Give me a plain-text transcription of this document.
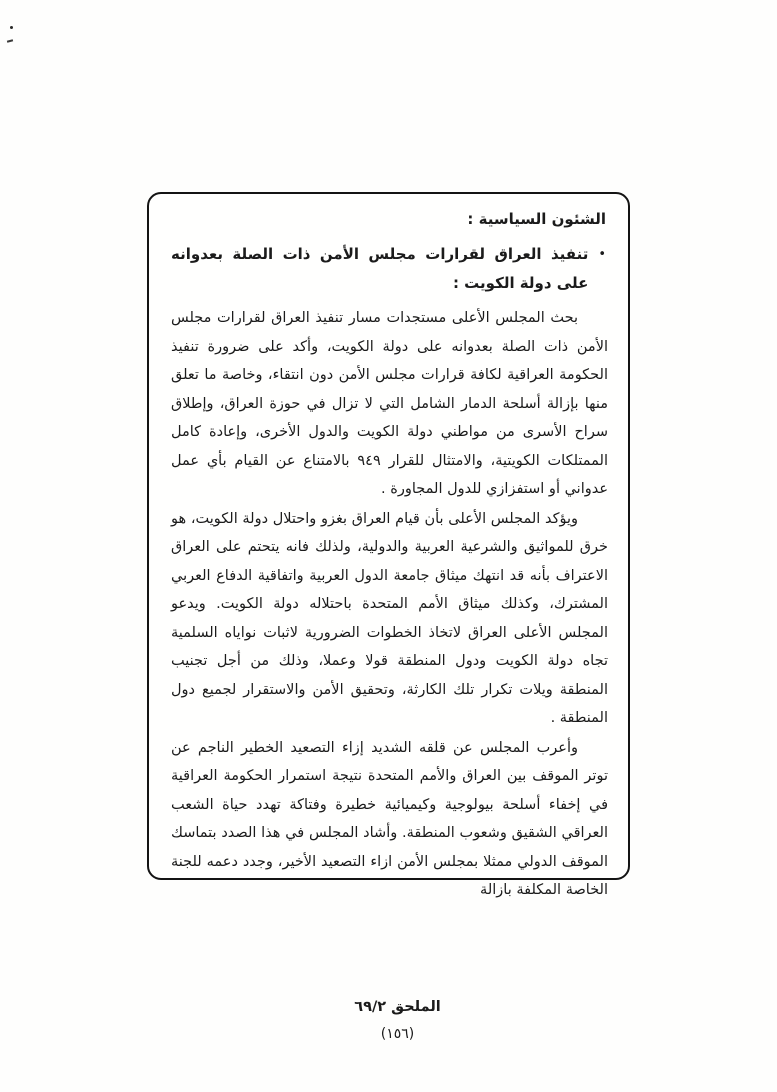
الشئون السياسية :
•
تنفيذ العراق لقرارات مجلس الأمن ذات الصلة بعدوانه على دولة الكويت :

بحث المجلس الأعلى مستجدات مسار تنفيذ العراق لقرارات مجلس الأمن ذات الصلة بعدوانه على دولة الكويت، وأكد على ضرورة تنفيذ الحكومة العراقية لكافة قرارات مجلس الأمن دون انتقاء، وخاصة ما تعلق منها بإزالة أسلحة الدمار الشامل التي لا تزال في حوزة العراق، وإطلاق سراح الأسرى من مواطني دولة الكويت والدول الأخرى، وإعادة كامل الممتلكات الكويتية، والامتثال للقرار ٩٤٩ بالامتناع عن القيام بأي عمل عدواني أو استفزازي للدول المجاورة .

ويؤكد المجلس الأعلى بأن قيام العراق بغزو واحتلال دولة الكويت، هو خرق للمواثيق والشرعية العربية والدولية، ولذلك فانه يتحتم على العراق الاعتراف بأنه قد انتهك ميثاق جامعة الدول العربية واتفاقية الدفاع العربي المشترك، وكذلك ميثاق الأمم المتحدة باحتلاله دولة الكويت. ويدعو المجلس الأعلى العراق لاتخاذ الخطوات الضرورية لاثبات نواياه السلمية تجاه دولة الكويت ودول المنطقة قولا وعملا، وذلك من أجل تجنيب المنطقة ويلات تكرار تلك الكارثة، وتحقيق الأمن والاستقرار لجميع دول المنطقة .

وأعرب المجلس عن قلقه الشديد إزاء التصعيد الخطير الناجم عن توتر الموقف بين العراق والأمم المتحدة نتيجة استمرار الحكومة العراقية في إخفاء أسلحة بيولوجية وكيميائية خطيرة وفتاكة تهدد حياة الشعب العراقي الشقيق وشعوب المنطقة. وأشاد المجلس في هذا الصدد بتماسك الموقف الدولي ممثلا بمجلس الأمن ازاء التصعيد الأخير، وجدد دعمه للجنة الخاصة المكلفة بازالة

الملحق ٦٩/٢
(١٥٦)
